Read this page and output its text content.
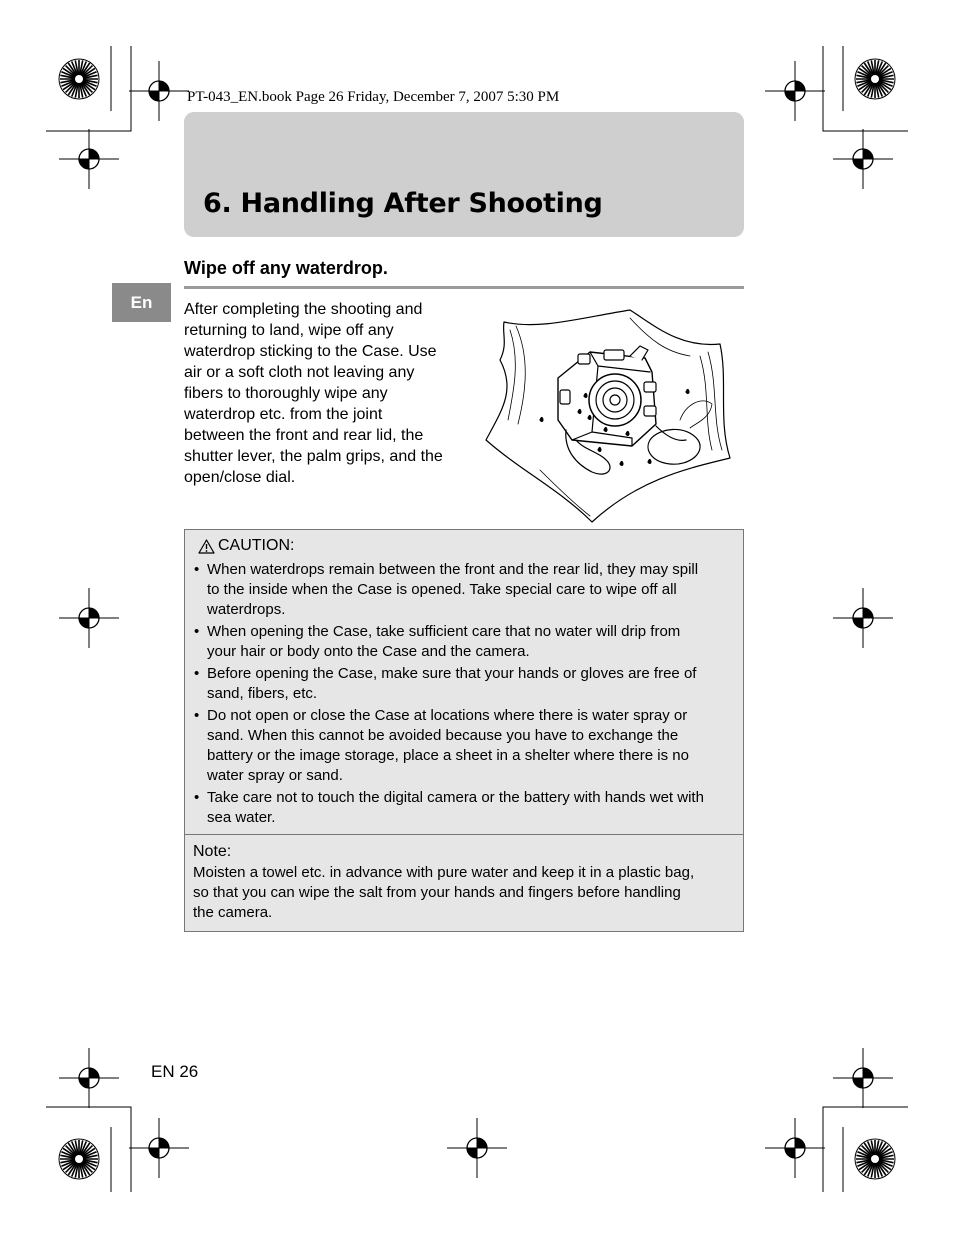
PT-043_EN.book Page 26 Friday, December 7, 2007 5:30 PM
6. Handling After Shooting
En
Wipe off any waterdrop.
After completing the shooting and
returning to land, wipe off any
waterdrop sticking to the Case. Use
air or a soft cloth not leaving any
fibers to thoroughly wipe any
waterdrop etc. from the joint
between the front and rear lid, the
shutter lever, the palm grips, and the
open/close dial.
CAUTION:
• When waterdrops remain between the front and the rear lid, they may spill
to the inside when the Case is opened. Take special care to wipe off all
waterdrops.
• When opening the Case, take sufficient care that no water will drip from
your hair or body onto the Case and the camera.
• Before opening the Case, make sure that your hands or gloves are free of
sand, fibers, etc.
• Do not open or close the Case at locations where there is water spray or
sand. When this cannot be avoided because you have to exchange the
battery or the image storage, place a sheet in a shelter where there is no
water spray or sand.
• Take care not to touch the digital camera or the battery with hands wet with
sea water.
Note:
Moisten a towel etc. in advance with pure water and keep it in a plastic bag,
so that you can wipe the salt from your hands and fingers before handling
the camera.
EN 26
